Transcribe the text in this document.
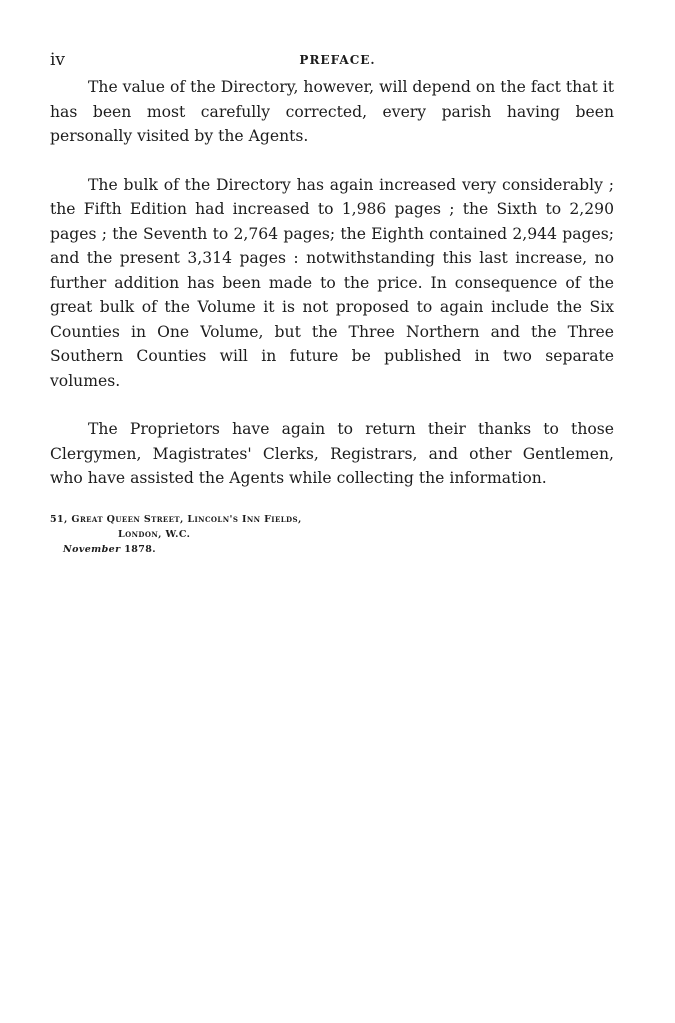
iv	PREFACE.

The value of the Directory, however, will depend on the fact that it has been most carefully corrected, every parish having been personally visited by the Agents.

The bulk of the Directory has again increased very considerably ; the Fifth Edition had increased to 1,986 pages ; the Sixth to 2,290 pages ; the Seventh to 2,764 pages; the Eighth contained 2,944 pages; and the present 3,314 pages : notwithstanding this last increase, no further addition has been made to the price. In consequence of the great bulk of the Volume it is not proposed to again include the Six Counties in One Volume, but the Three Northern and the Three Southern Counties will in future be published in two separate volumes.

The Proprietors have again to return their thanks to those Clergymen, Magistrates' Clerks, Registrars, and other Gentlemen, who have assisted the Agents while collecting the information.

51, Great Queen Street, Lincoln's Inn Fields,
London, W.C.
November 1878.
